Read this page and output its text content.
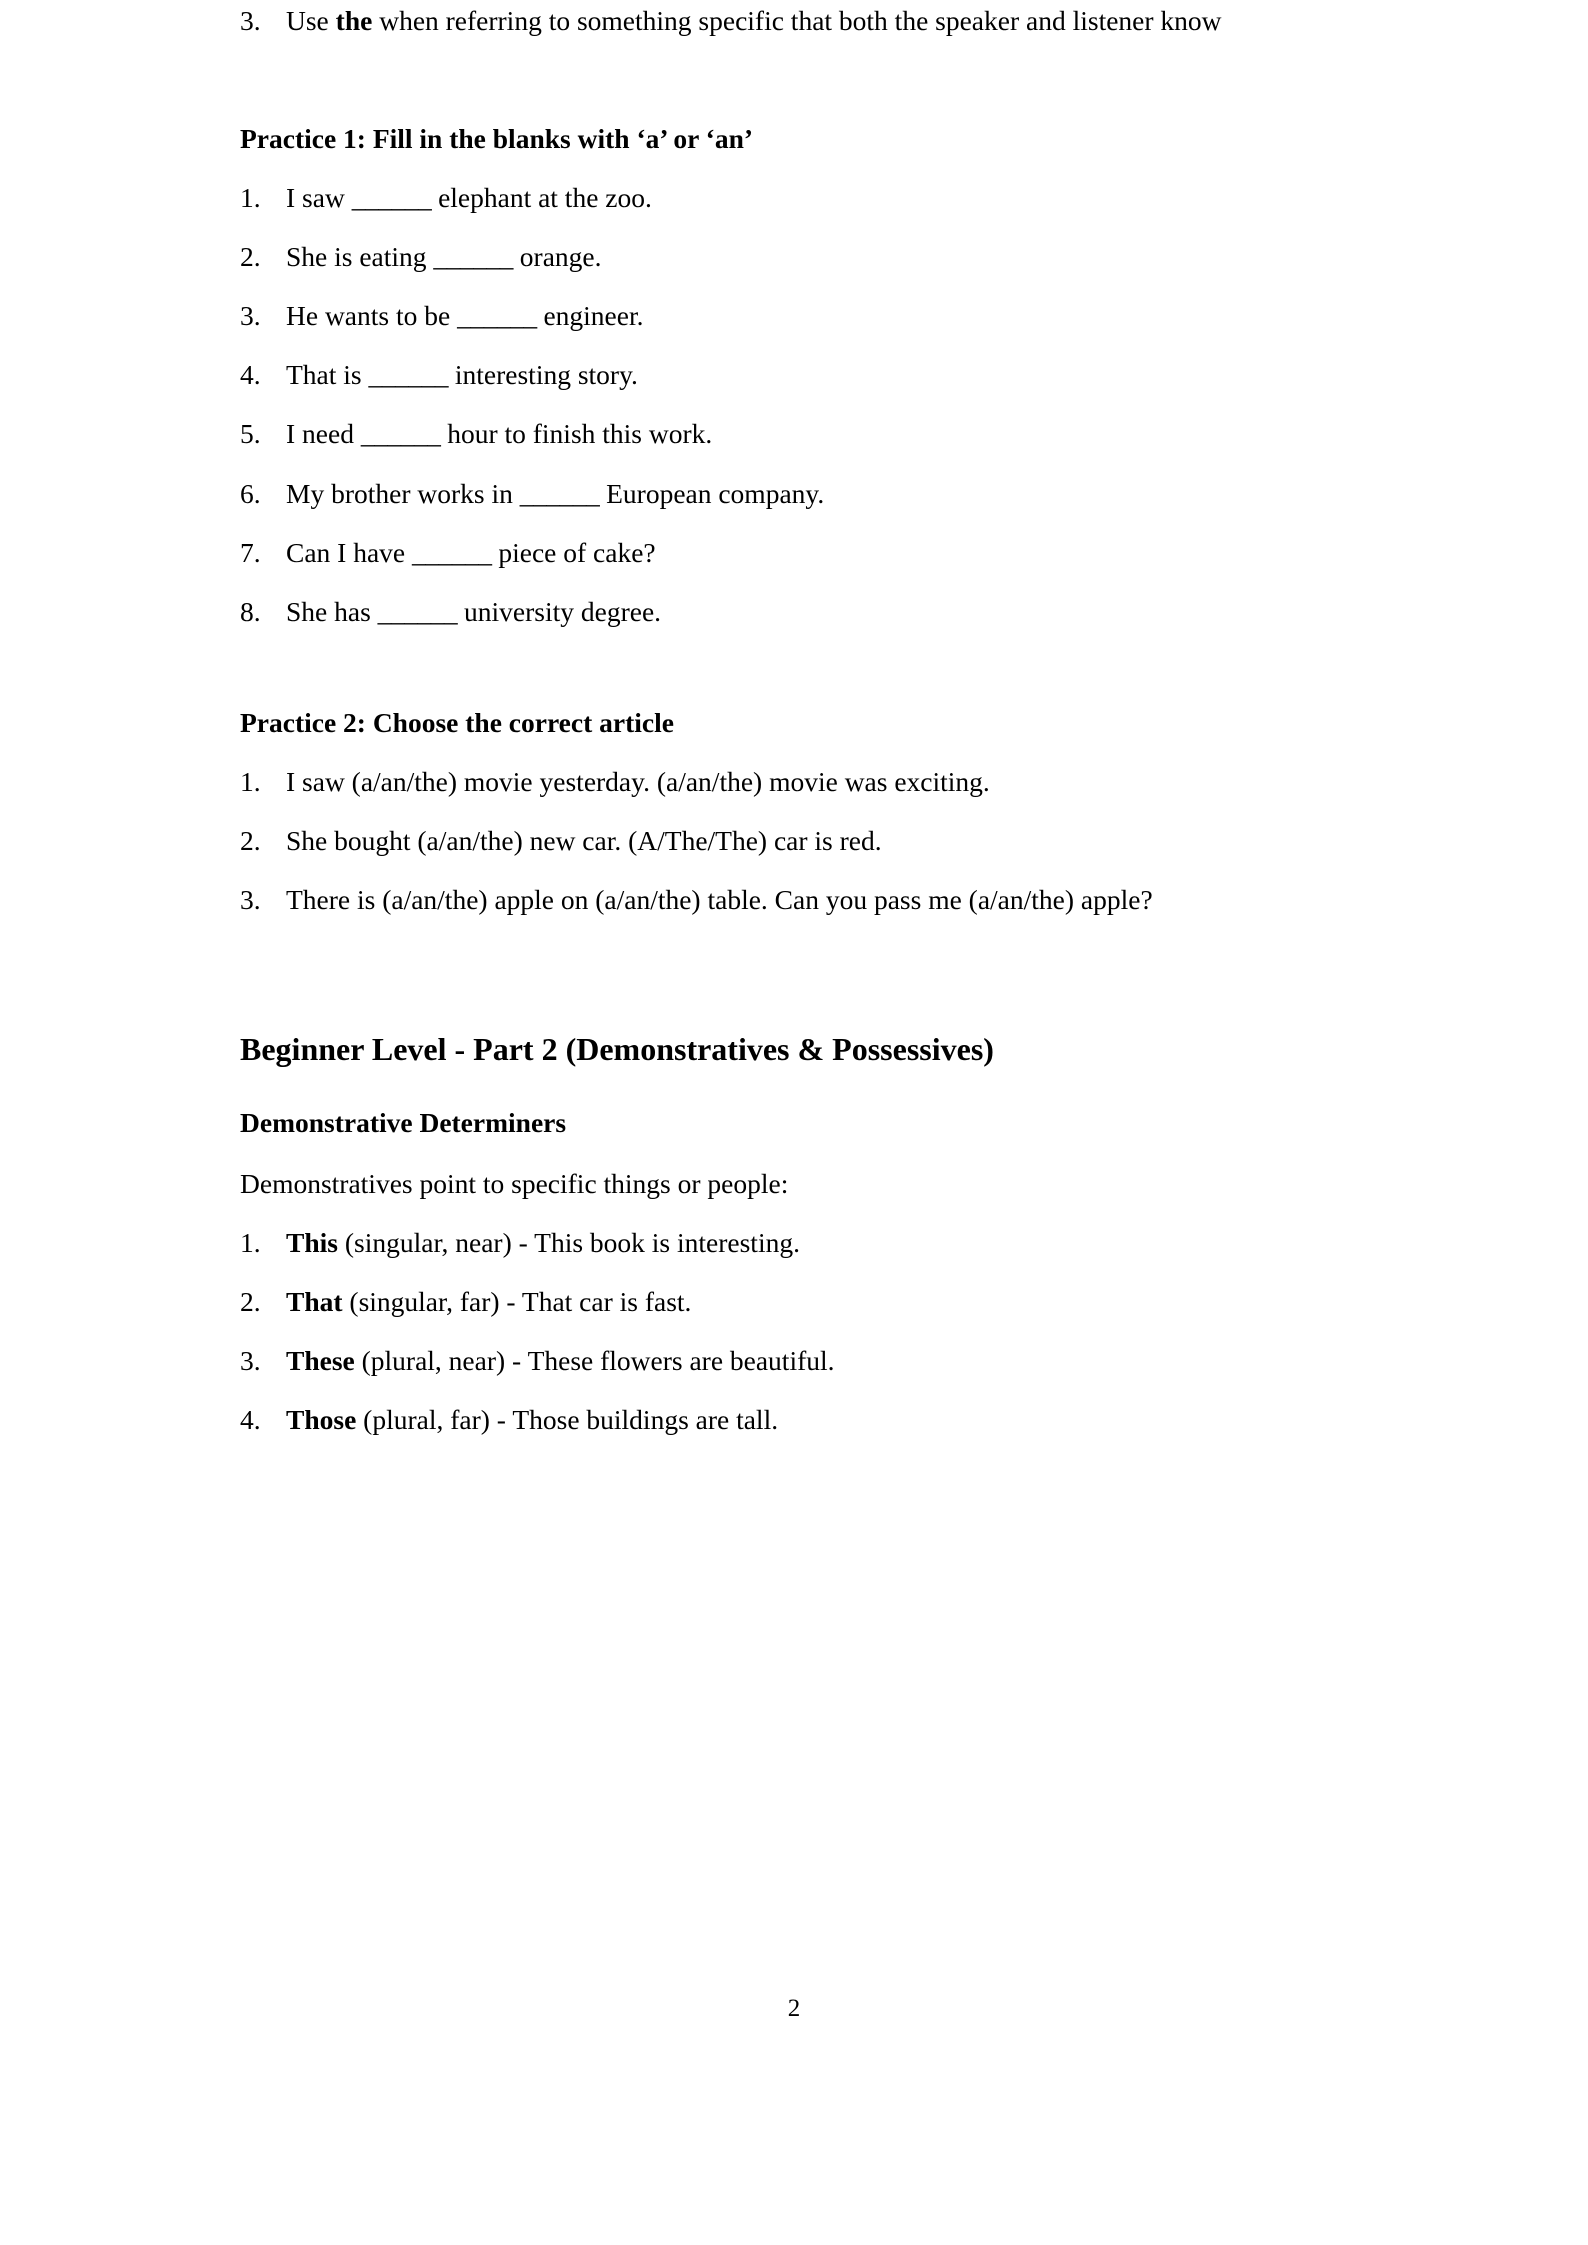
3. Use the when referring to something specific that both the speaker and listener know
Practice 1: Fill in the blanks with ‘a’ or ‘an’
1. I saw ______ elephant at the zoo.
2. She is eating ______ orange.
3. He wants to be ______ engineer.
4. That is ______ interesting story.
5. I need ______ hour to finish this work.
6. My brother works in ______ European company.
7. Can I have ______ piece of cake?
8. She has ______ university degree.
Practice 2: Choose the correct article
1. I saw (a/an/the) movie yesterday. (a/an/the) movie was exciting.
2. She bought (a/an/the) new car. (A/The/The) car is red.
3. There is (a/an/the) apple on (a/an/the) table. Can you pass me (a/an/the) apple?
Beginner Level - Part 2 (Demonstratives & Possessives)
Demonstrative Determiners

Demonstratives point to specific things or people:

1. This (singular, near) - This book is interesting.
2. That (singular, far) - That car is fast.
3. These (plural, near) - These flowers are beautiful.
4. Those (plural, far) - Those buildings are tall.
2
